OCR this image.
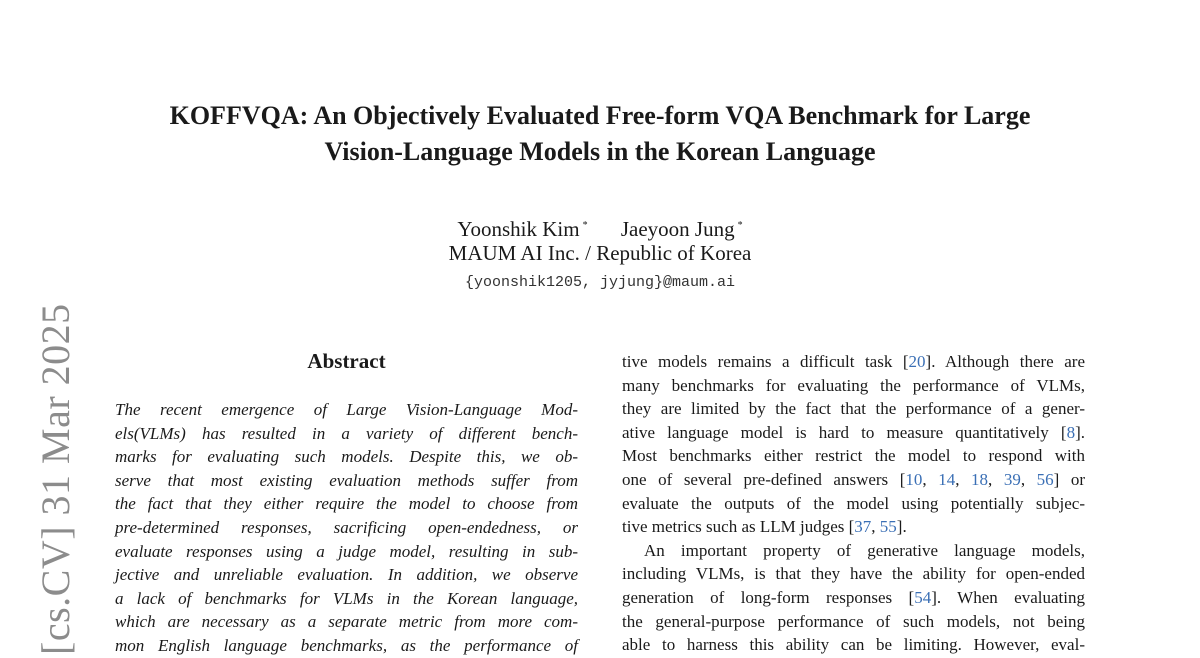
[cs.CV] 31 Mar 2025
KOFFVQA: An Objectively Evaluated Free-form VQA Benchmark for Large
Vision-Language Models in the Korean Language
Yoonshik Kim * Jaeyoon Jung *
MAUM AI Inc. / Republic of Korea
{yoonshik1205, jyjung}@maum.ai
Abstract
The recent emergence of Large Vision-Language Mod-
els(VLMs) has resulted in a variety of different bench-
marks for evaluating such models. Despite this, we ob-
serve that most existing evaluation methods suffer from
the fact that they either require the model to choose from
pre-determined responses, sacrificing open-endedness, or
evaluate responses using a judge model, resulting in sub-
jective and unreliable evaluation. In addition, we observe
a lack of benchmarks for VLMs in the Korean language,
which are necessary as a separate metric from more com-
mon English language benchmarks, as the performance of
tive models remains a difficult task [20]. Although there are
many benchmarks for evaluating the performance of VLMs,
they are limited by the fact that the performance of a gener-
ative language model is hard to measure quantitatively [8].
Most benchmarks either restrict the model to respond with
one of several pre-defined answers [10, 14, 18, 39, 56] or
evaluate the outputs of the model using potentially subjec-
tive metrics such as LLM judges [37, 55].
An important property of generative language models,
including VLMs, is that they have the ability for open-ended
generation of long-form responses [54]. When evaluating
the general-purpose performance of such models, not being
able to harness this ability can be limiting. However, eval-
